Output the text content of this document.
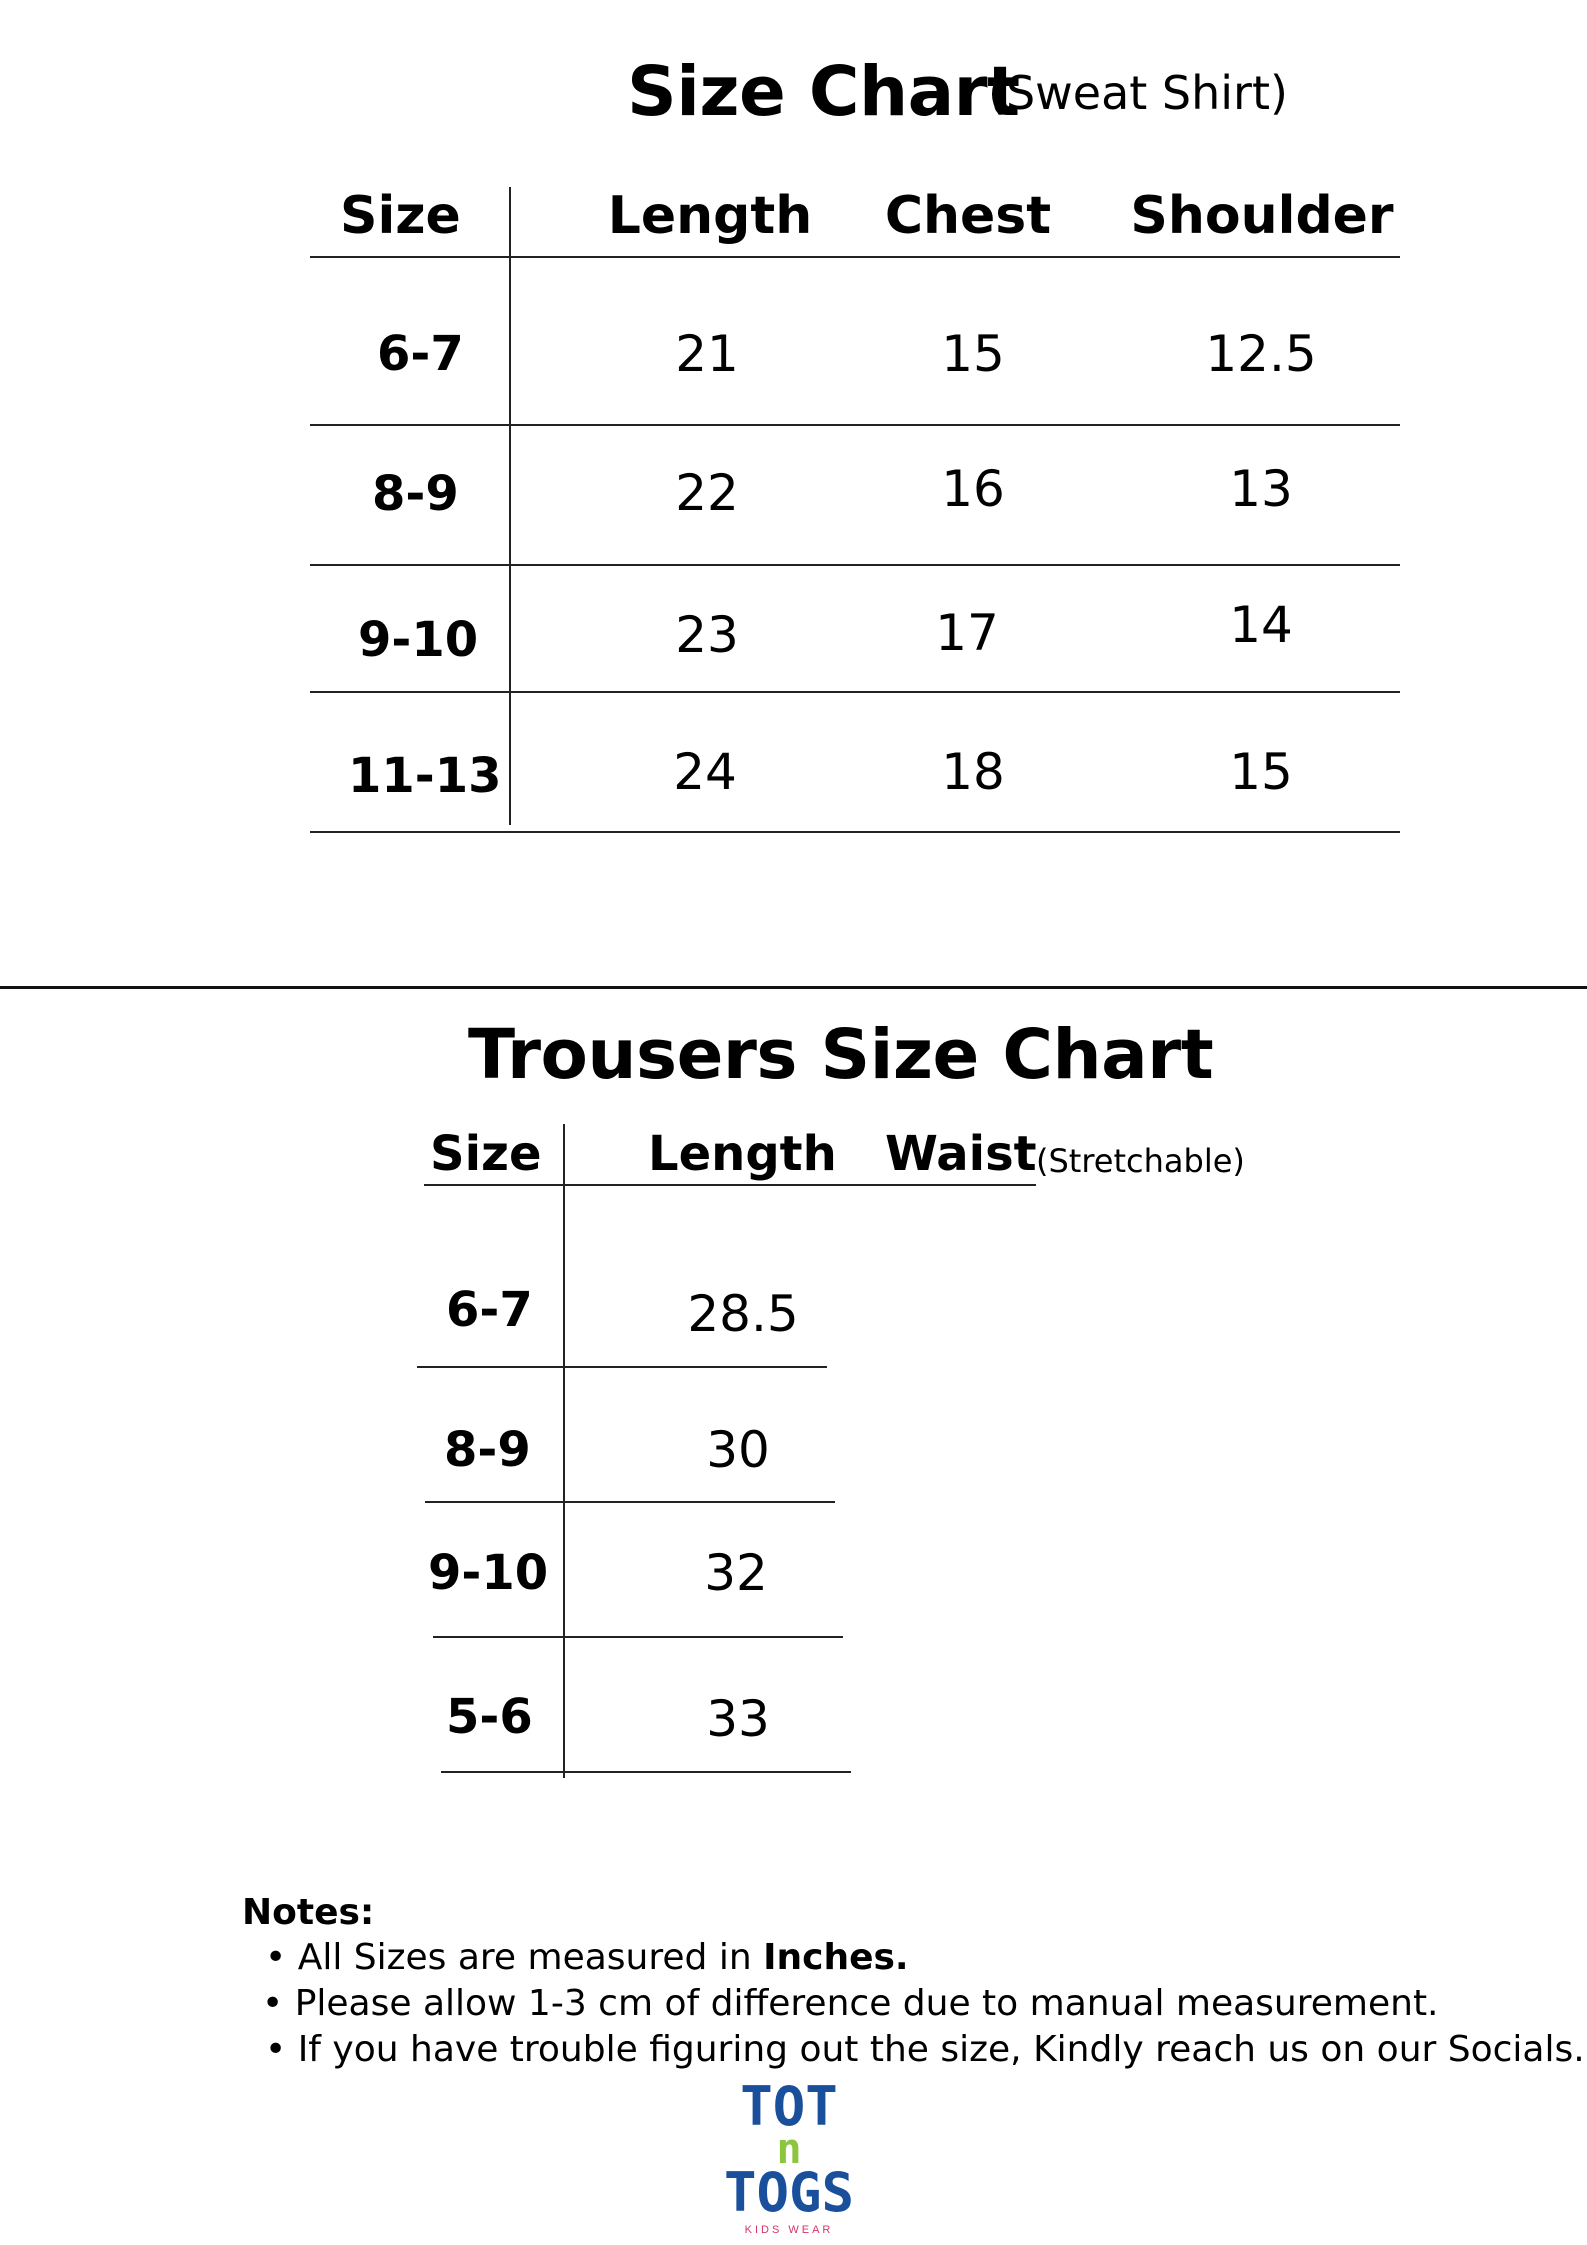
Size Chart
(Sweat Shirt)
Size	Length	Chest	Shoulder
6-7	21	15	12.5
8-9	22	16	13
9-10	23	17	14
11-13	24	18	15
Trousers Size Chart
Size Length Waist (Stretchable)
6-7	28.5
8-9	30
9-10	32
5-6	33
Notes:
• All Sizes are measured in Inches.
• Please allow 1-3 cm of difference due to manual measurement.
• If you have trouble figuring out the size, Kindly reach us on our Socials.
TOT
n
TOGS
KIDS WEAR
